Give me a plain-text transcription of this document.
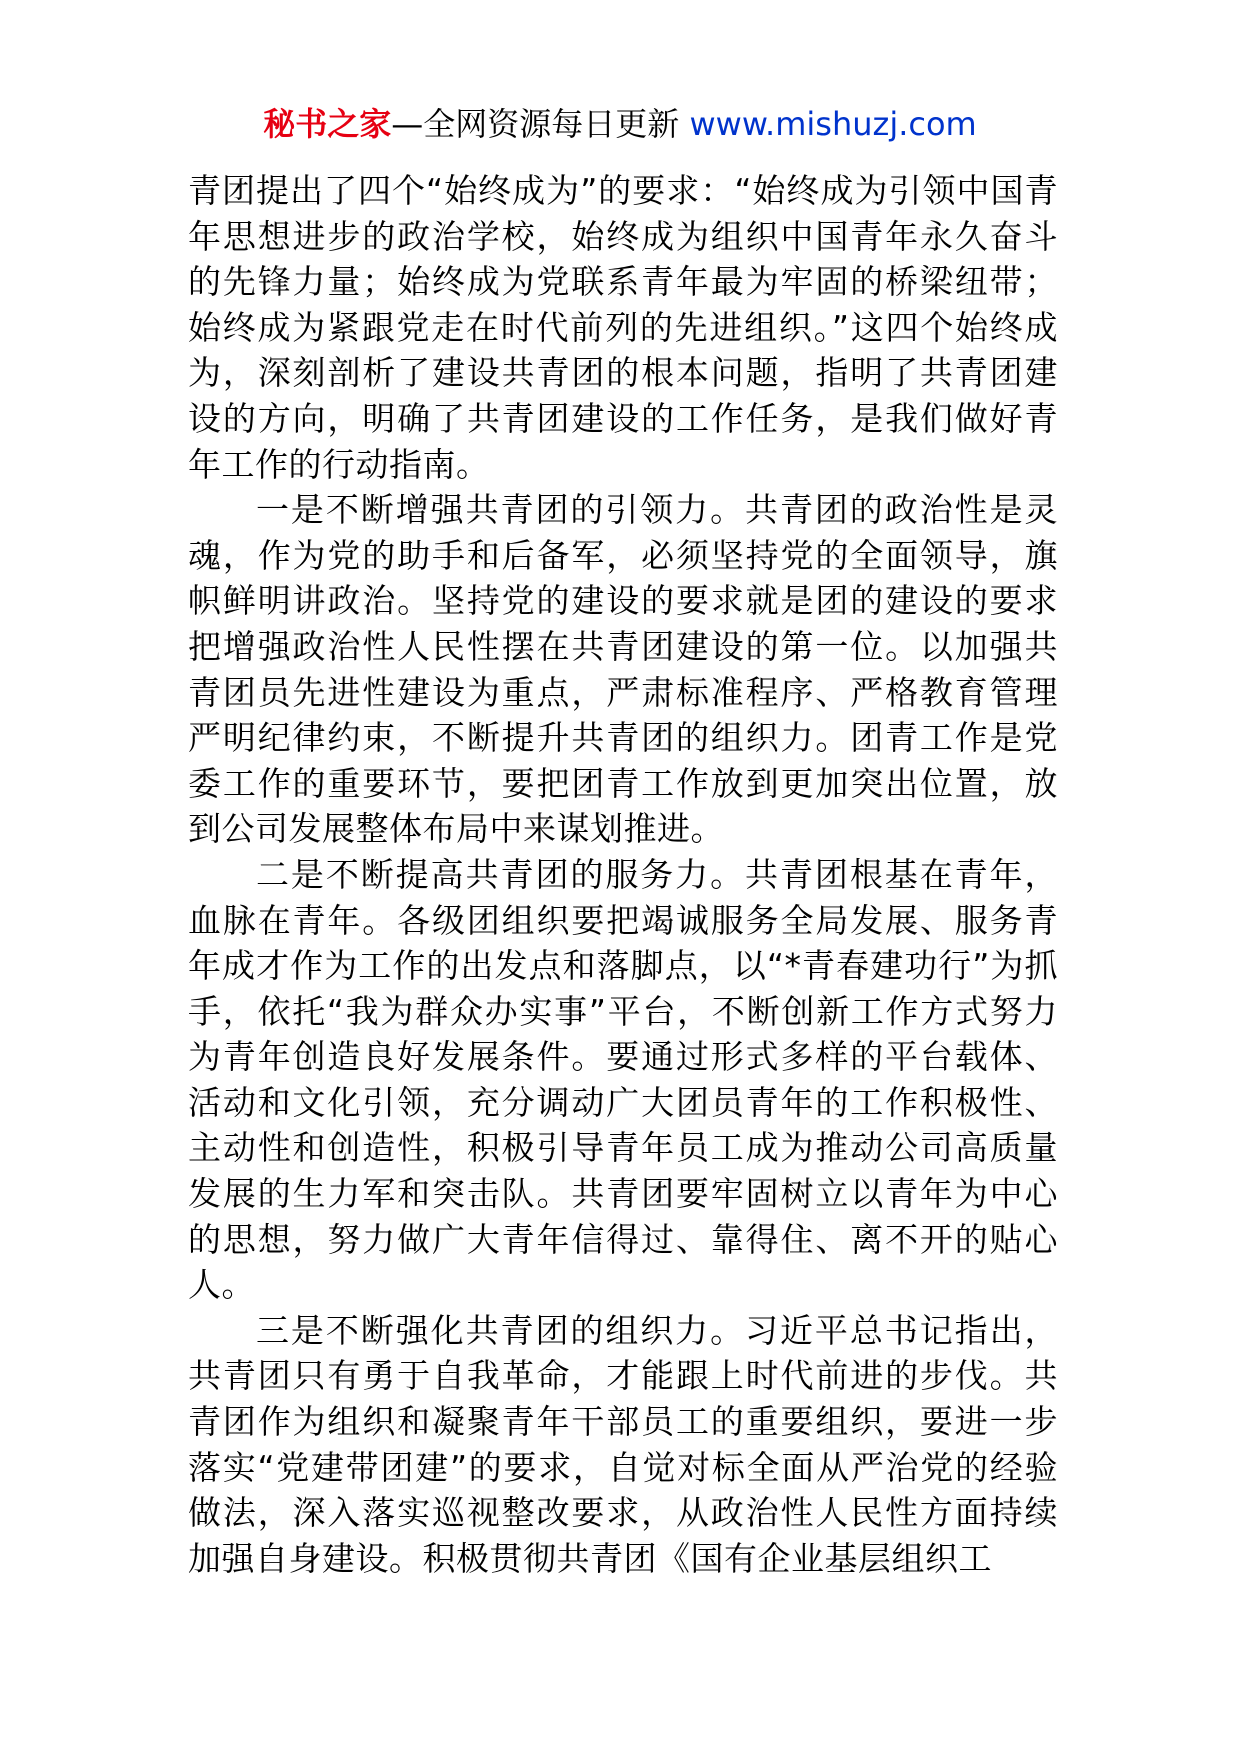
秘书之家—全网资源每日更新 www.mishuzj.com

青团提出了四个“始终成为”的要求：“始终成为引领中国青年思想进步的政治学校，始终成为组织中国青年永久奋斗的先锋力量；始终成为党联系青年最为牢固的桥梁纽带；始终成为紧跟党走在时代前列的先进组织。”这四个始终成为，深刻剖析了建设共青团的根本问题，指明了共青团建设的方向，明确了共青团建设的工作任务，是我们做好青年工作的行动指南。

一是不断增强共青团的引领力。共青团的政治性是灵魂，作为党的助手和后备军，必须坚持党的全面领导，旗帜鲜明讲政治。坚持党的建设的要求就是团的建设的要求把增强政治性人民性摆在共青团建设的第一位。以加强共青团员先进性建设为重点，严肃标准程序、严格教育管理严明纪律约束，不断提升共青团的组织力。团青工作是党委工作的重要环节，要把团青工作放到更加突出位置，放到公司发展整体布局中来谋划推进。

二是不断提高共青团的服务力。共青团根基在青年，血脉在青年。各级团组织要把竭诚服务全局发展、服务青年成才作为工作的出发点和落脚点，以“*青春建功行”为抓手，依托“我为群众办实事”平台，不断创新工作方式努力为青年创造良好发展条件。要通过形式多样的平台载体、活动和文化引领，充分调动广大团员青年的工作积极性、主动性和创造性，积极引导青年员工成为推动公司高质量发展的生力军和突击队。共青团要牢固树立以青年为中心的思想，努力做广大青年信得过、靠得住、离不开的贴心人。

三是不断强化共青团的组织力。习近平总书记指出，共青团只有勇于自我革命，才能跟上时代前进的步伐。共青团作为组织和凝聚青年干部员工的重要组织，要进一步落实“党建带团建”的要求，自觉对标全面从严治党的经验做法，深入落实巡视整改要求，从政治性人民性方面持续加强自身建设。积极贯彻共青团《国有企业基层组织工
